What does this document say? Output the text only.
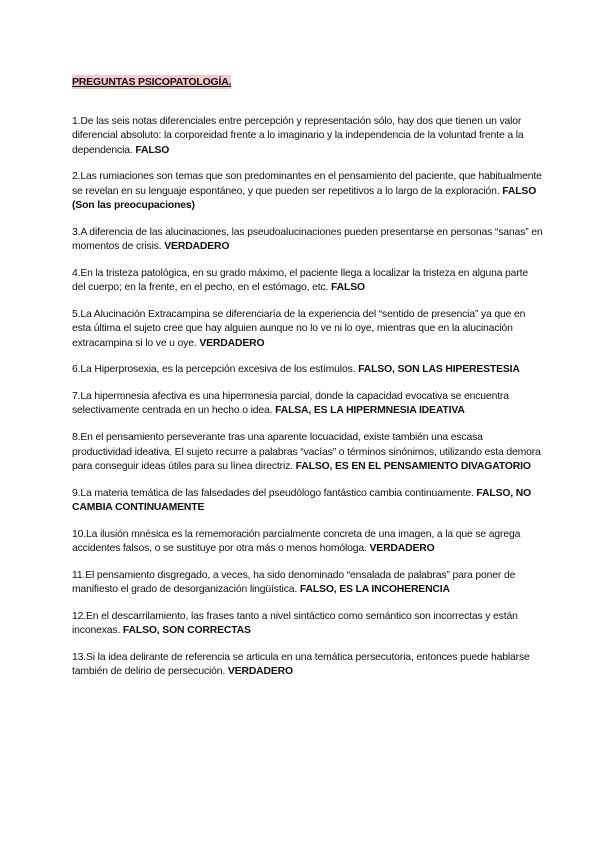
PREGUNTAS PSICOPATOLOGÍA.

1.De las seis notas diferenciales entre percepción y representación sólo, hay dos que tienen un valor diferencial absoluto: la corporeidad frente a lo imaginario y la independencia de la voluntad frente a la dependencia. FALSO

2.Las rumiaciones son temas que son predominantes en el pensamiento del paciente, que habitualmente se revelan en su lenguaje espontáneo, y que pueden ser repetitivos a lo largo de la exploración. FALSO (Son las preocupaciones)

3.A diferencia de las alucinaciones, las pseudoalucinaciones pueden presentarse en personas “sanas” en momentos de crisis. VERDADERO

4.En la tristeza patológica, en su grado máximo, el paciente llega a localizar la tristeza en alguna parte del cuerpo; en la frente, en el pecho, en el estómago, etc. FALSO

5.La Alucinación Extracampina se diferenciaría de la experiencia del “sentido de presencia” ya que en esta última el sujeto cree que hay alguien aunque no lo ve ni lo oye, mientras que en la alucinación extracampina si lo ve u oye. VERDADERO

6.La Hiperprosexia, es la percepción excesiva de los estímulos. FALSO, SON LAS HIPERESTESIA

7.La hipermnesia afectiva es una hipermnesia parcial, donde la capacidad evocativa se encuentra selectivamente centrada en un hecho o idea. FALSA, ES LA HIPERMNESIA IDEATIVA

8.En el pensamiento perseverante tras una aparente locuacidad, existe también una escasa productividad ideativa. El sujeto recurre a palabras “vacías” o términos sinónimos, utilizando esta demora para conseguir ideas útiles para su línea directriz. FALSO, ES EN EL PENSAMIENTO DIVAGATORIO

9.La materia temática de las falsedades del pseudólogo fantástico cambia continuamente. FALSO, NO CAMBIA CONTINUAMENTE

10.La ilusión mnésica es la rememoración parcialmente concreta de una imagen, a la que se agrega accidentes falsos, o se sustituye por otra más o menos homóloga. VERDADERO

11.El pensamiento disgregado, a veces, ha sido denominado “ensalada de palabras” para poner de manifiesto el grado de desorganización lingüística. FALSO, ES LA INCOHERENCIA

12.En el descarrilamiento, las frases tanto a nivel sintáctico como semántico son incorrectas y están inconexas. FALSO, SON CORRECTAS

13.Si la idea delirante de referencia se articula en una temática persecutoria, entonces puede hablarse también de delirio de persecución. VERDADERO
